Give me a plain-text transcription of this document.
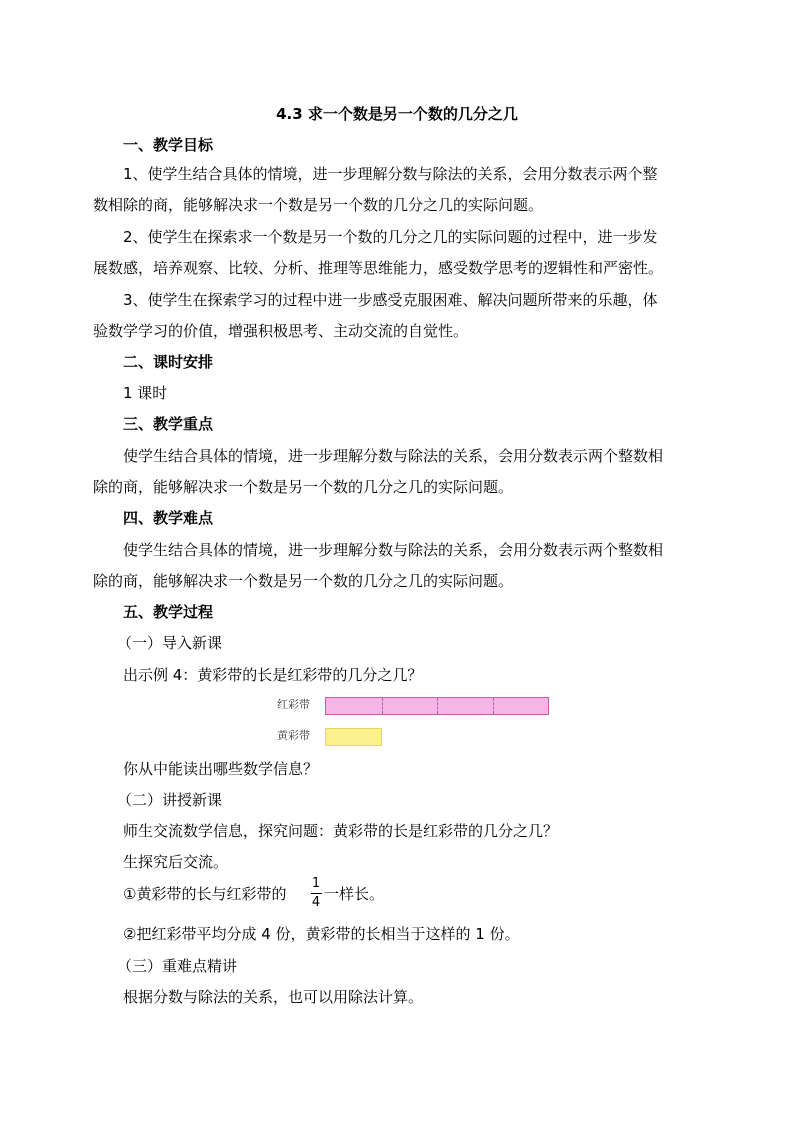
4.3 求一个数是另一个数的几分之几
一、教学目标
1、使学生结合具体的情境，进一步理解分数与除法的关系，会用分数表示两个整
数相除的商，能够解决求一个数是另一个数的几分之几的实际问题。
2、使学生在探索求一个数是另一个数的几分之几的实际问题的过程中，进一步发
展数感，培养观察、比较、分析、推理等思维能力，感受数学思考的逻辑性和严密性。
3、使学生在探索学习的过程中进一步感受克服困难、解决问题所带来的乐趣，体
验数学学习的价值，增强积极思考、主动交流的自觉性。
二、课时安排
1 课时
三、教学重点
使学生结合具体的情境，进一步理解分数与除法的关系，会用分数表示两个整数相
除的商，能够解决求一个数是另一个数的几分之几的实际问题。
四、教学难点
使学生结合具体的情境，进一步理解分数与除法的关系，会用分数表示两个整数相
除的商，能够解决求一个数是另一个数的几分之几的实际问题。
五、教学过程
（一）导入新课
出示例 4：黄彩带的长是红彩带的几分之几？
红彩带
黄彩带
你从中能读出哪些数学信息？
（二）讲授新课
师生交流数学信息，探究问题：黄彩带的长是红彩带的几分之几？
生探究后交流。
①黄彩带的长与红彩带的
1
4 一样长。
②把红彩带平均分成 4 份，黄彩带的长相当于这样的 1 份。
（三）重难点精讲
根据分数与除法的关系，也可以用除法计算。
